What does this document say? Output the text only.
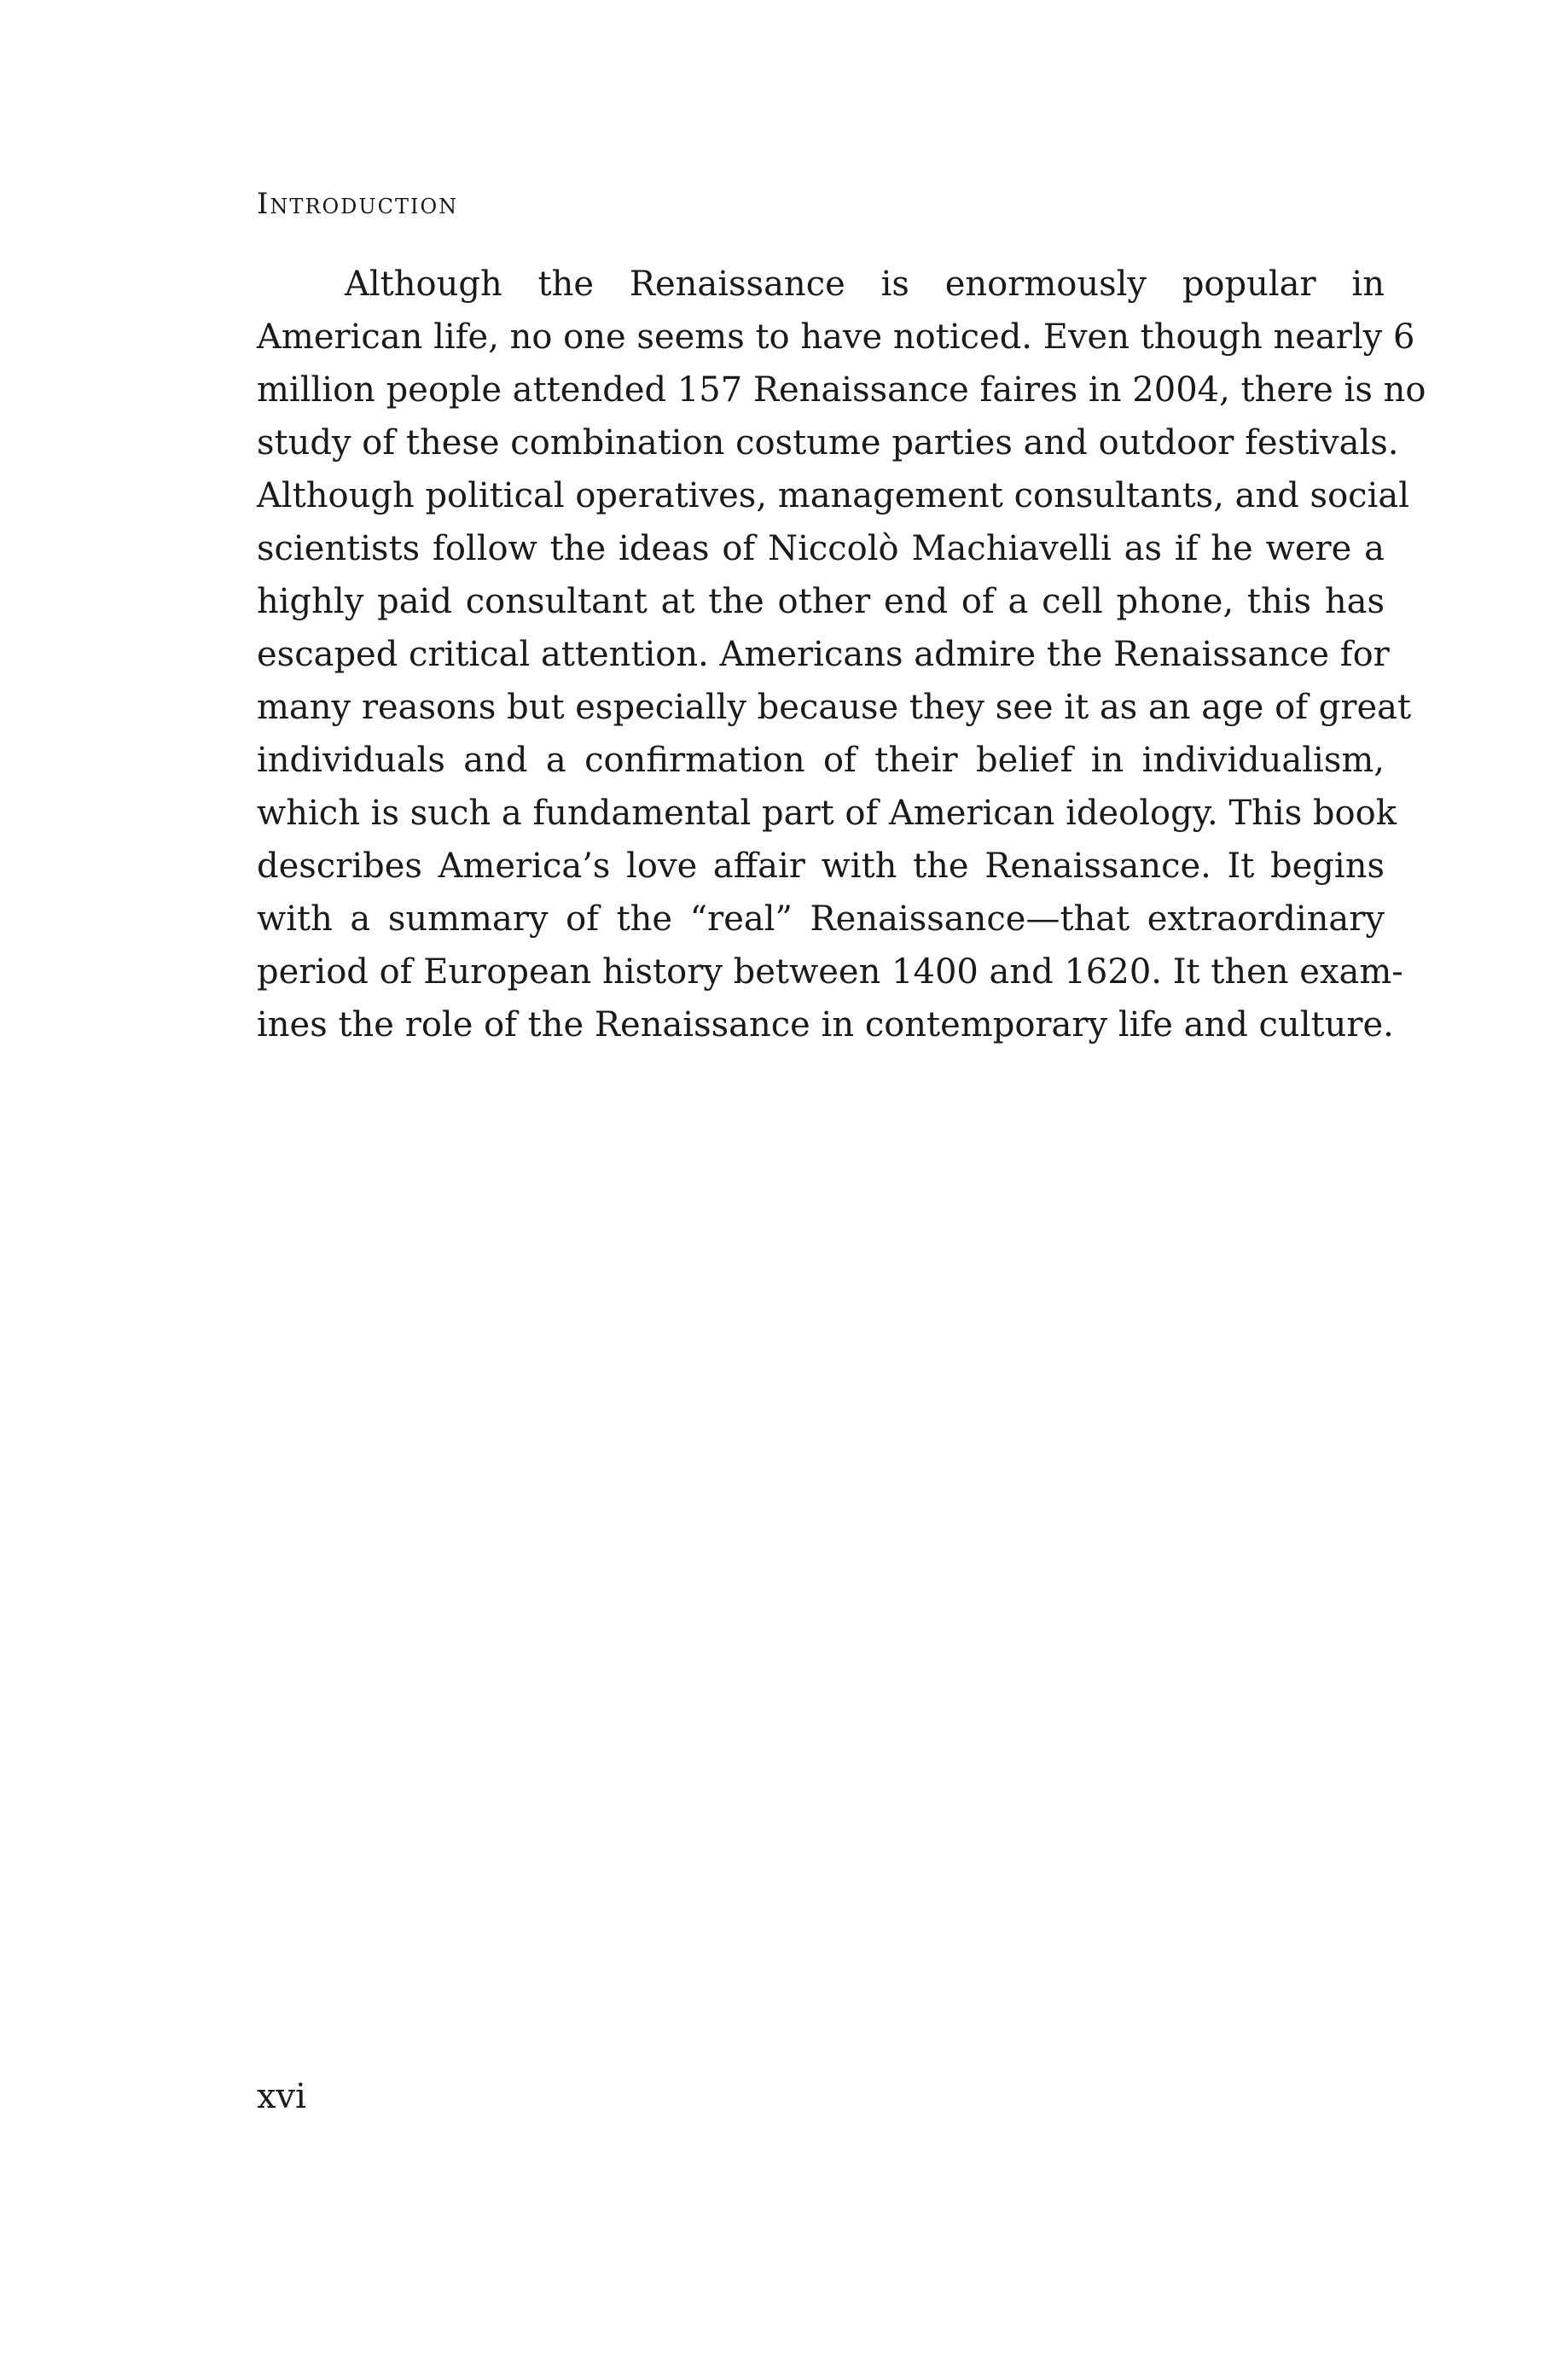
Introduction
Although the Renaissance is enormously popular in
American life, no one seems to have noticed. Even though nearly 6
million people attended 157 Renaissance faires in 2004, there is no
study of these combination costume parties and outdoor festivals.
Although political operatives, management consultants, and social
scientists follow the ideas of Niccolò Machiavelli as if he were a
highly paid consultant at the other end of a cell phone, this has
escaped critical attention. Americans admire the Renaissance for
many reasons but especially because they see it as an age of great
individuals and a confirmation of their belief in individualism,
which is such a fundamental part of American ideology. This book
describes America’s love affair with the Renaissance. It begins
with a summary of the “real” Renaissance—that extraordinary
period of European history between 1400 and 1620. It then exam-
ines the role of the Renaissance in contemporary life and culture.
xvi
